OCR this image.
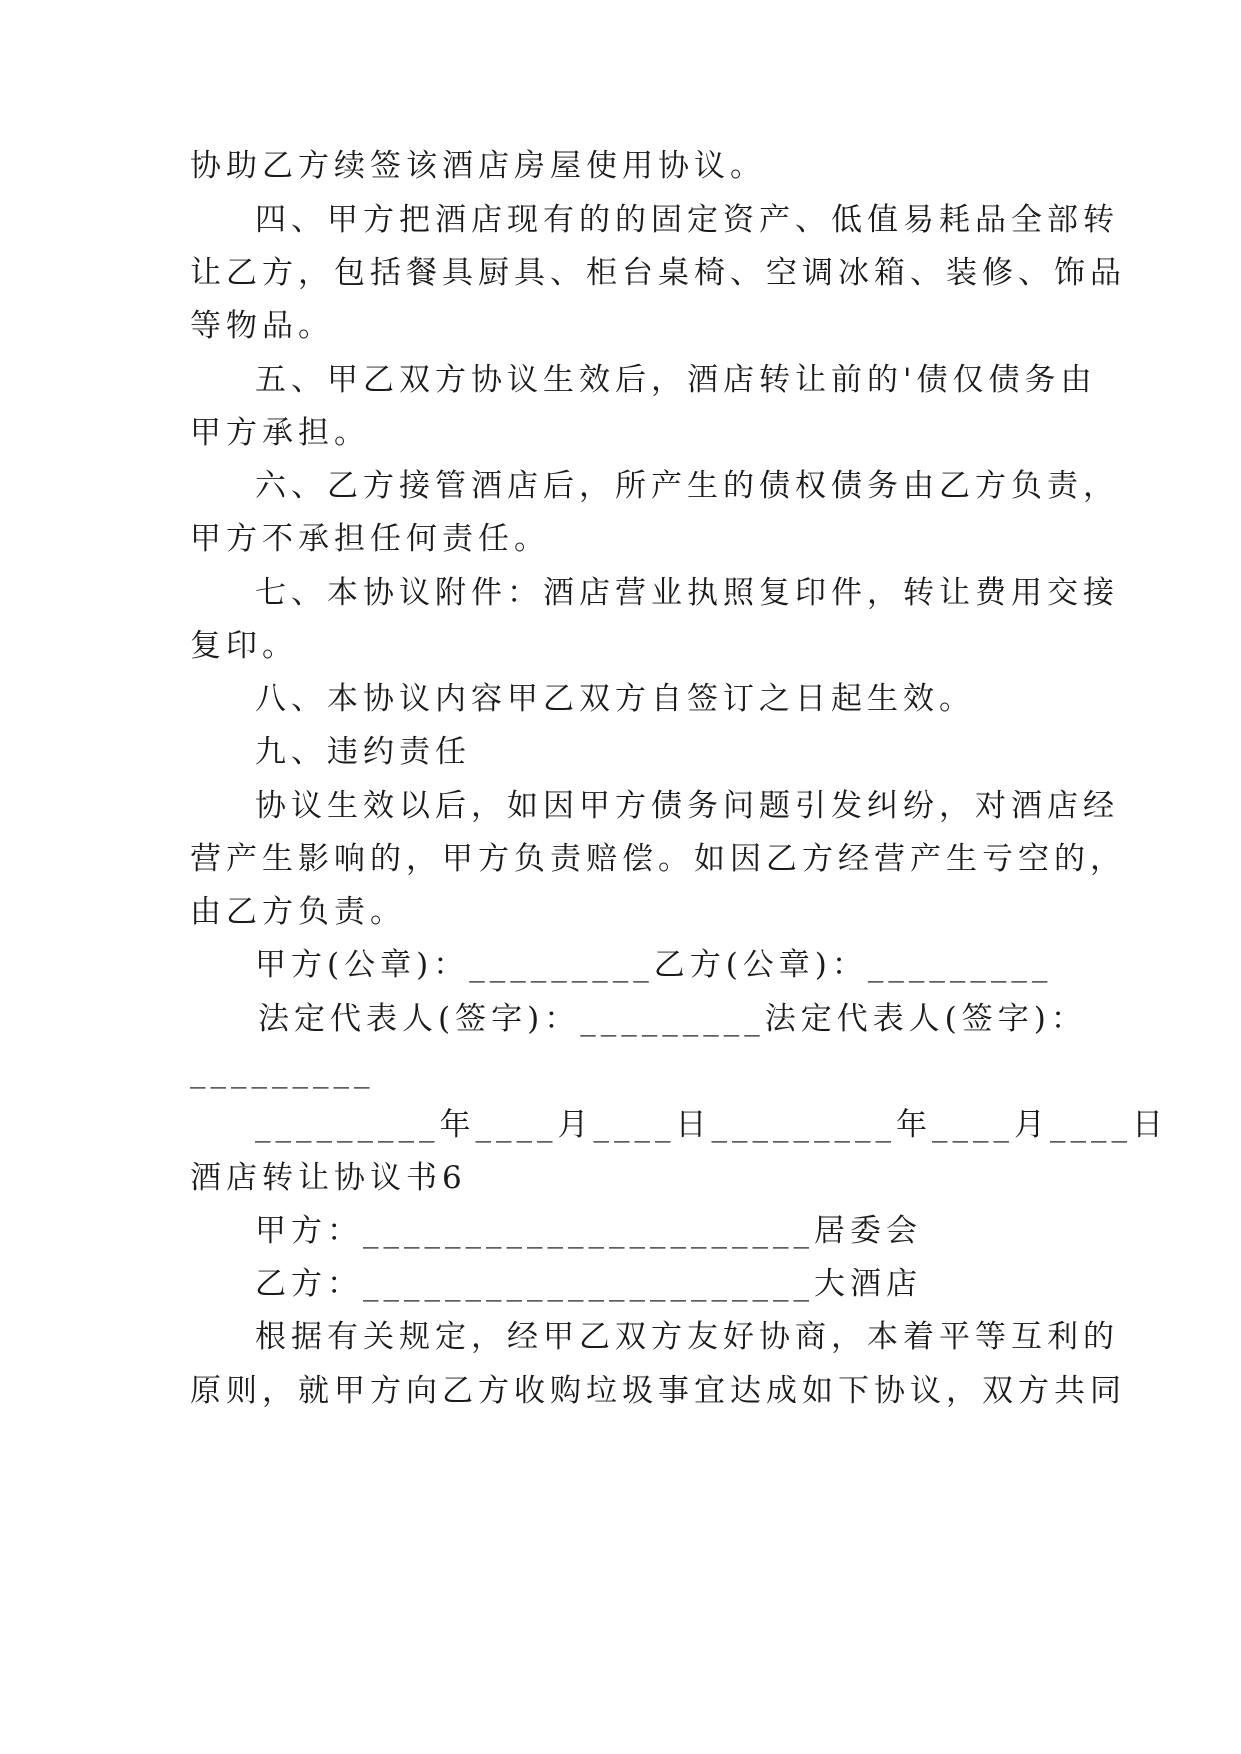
协助乙方续签该酒店房屋使用协议。
四、甲方把酒店现有的的固定资产、低值易耗品全部转
让乙方，包括餐具厨具、柜台桌椅、空调冰箱、装修、饰品
等物品。
五、甲乙双方协议生效后，酒店转让前的'债仅债务由
甲方承担。
六、乙方接管酒店后，所产生的债权债务由乙方负责，
甲方不承担任何责任。
七、本协议附件：酒店营业执照复印件，转让费用交接
复印。
八、本协议内容甲乙双方自签订之日起生效。
九、违约责任
协议生效以后，如因甲方债务问题引发纠纷，对酒店经
营产生影响的，甲方负责赔偿。如因乙方经营产生亏空的，
由乙方负责。
甲方(公章)：_________乙方(公章)：_________
法定代表人(签字)：_________法定代表人(签字)：
_________
_________年____月____日_________年____月____日
酒店转让协议书6
甲方：______________________居委会
乙方：______________________大酒店
根据有关规定，经甲乙双方友好协商，本着平等互利的
原则，就甲方向乙方收购垃圾事宜达成如下协议，双方共同
